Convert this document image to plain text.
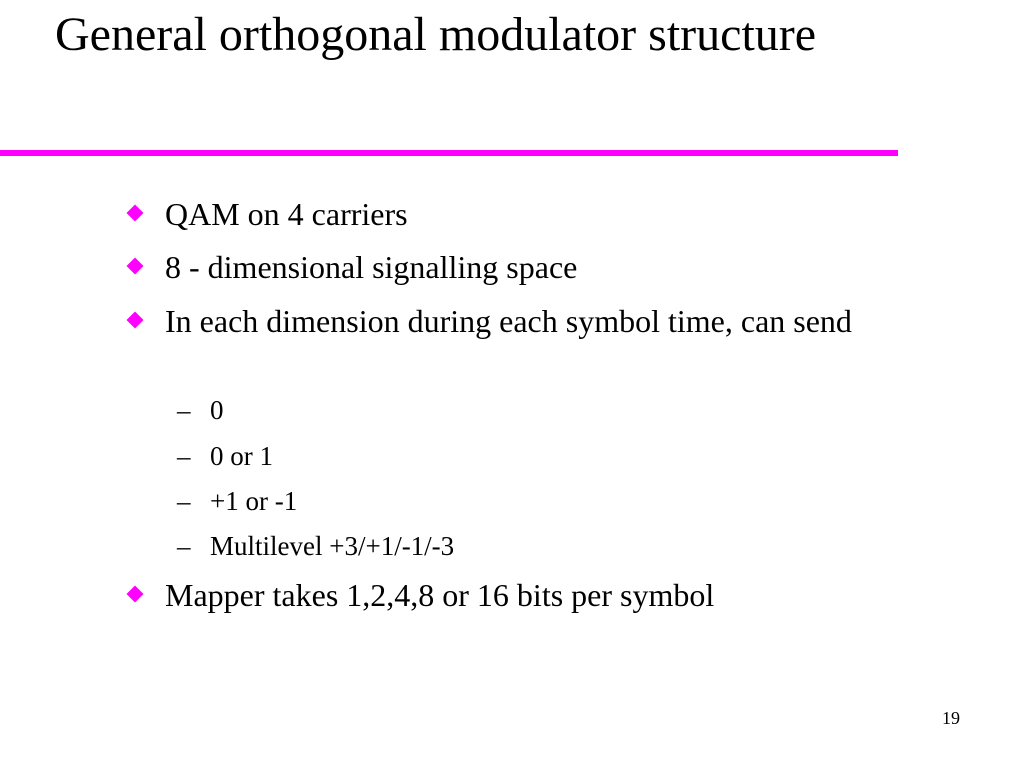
General orthogonal modulator structure
QAM on 4 carriers
8 - dimensional signalling space
In each dimension during each symbol time, can send
– 0
– 0 or 1
– +1 or -1
– Multilevel +3/+1/-1/-3
Mapper takes 1,2,4,8 or 16 bits per symbol
19
